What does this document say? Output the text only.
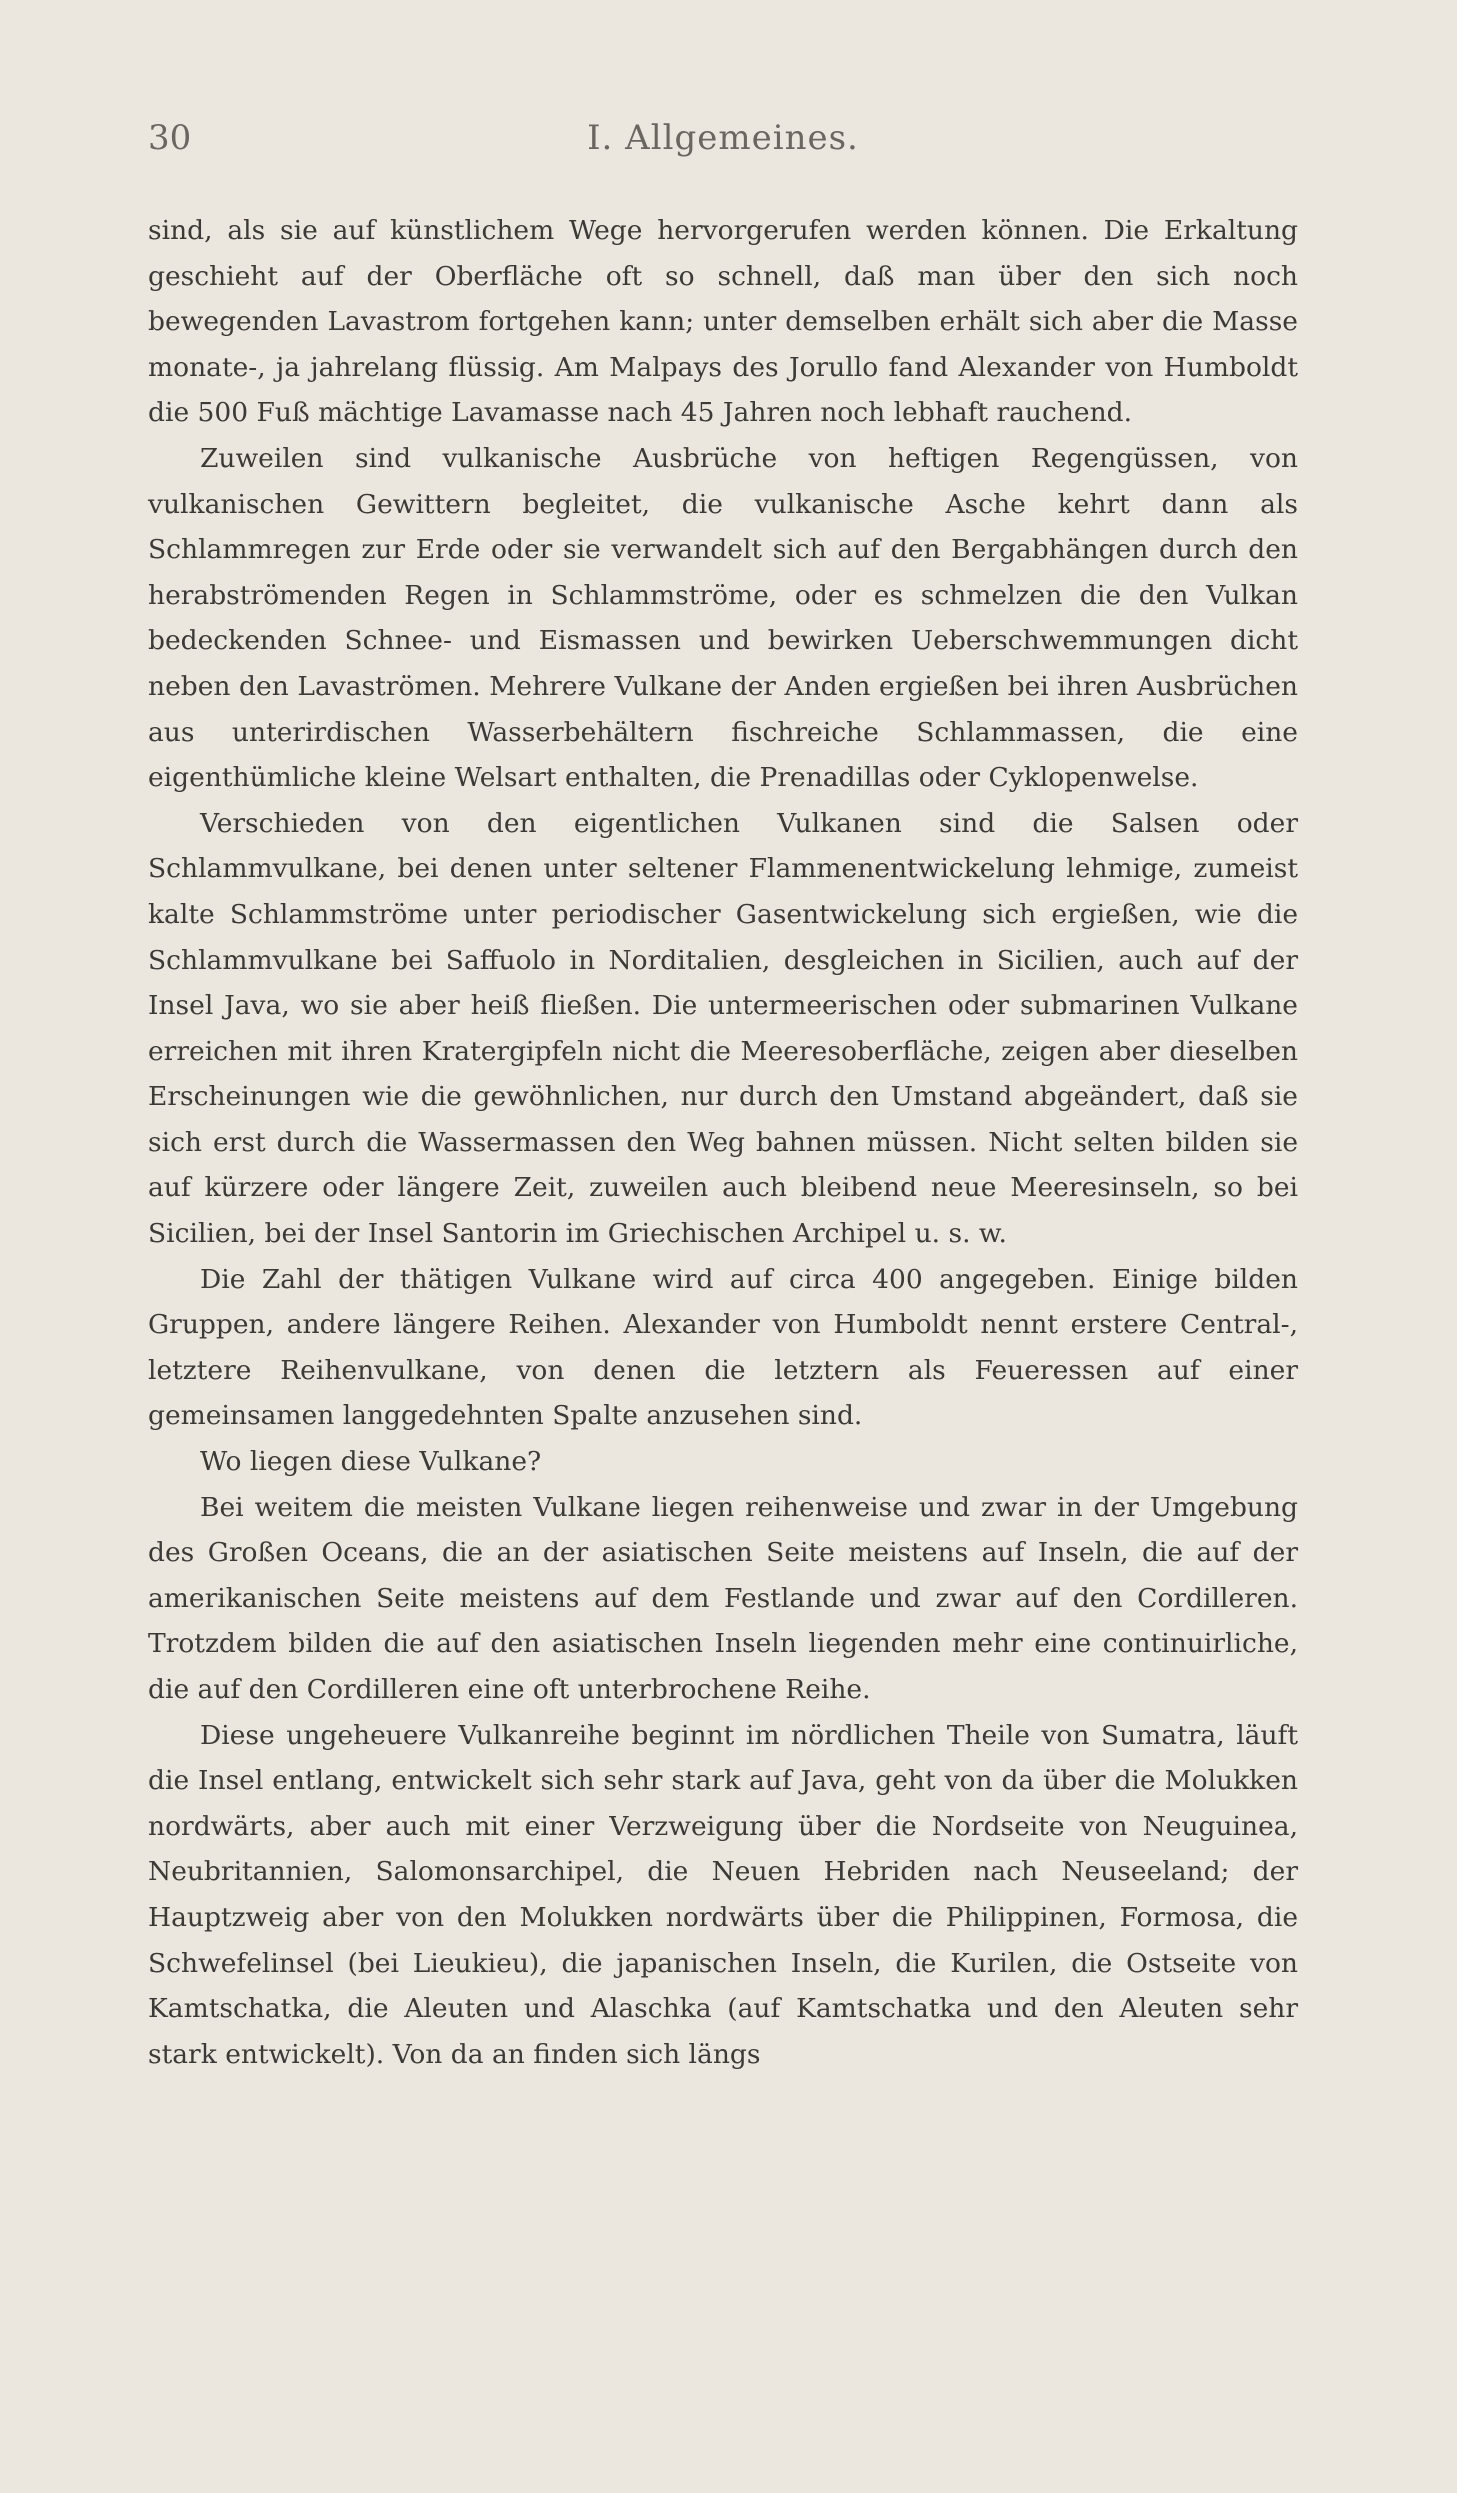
30	I. Allgemeines.

sind, als sie auf künstlichem Wege hervorgerufen werden können. Die Erkaltung geschieht auf der Oberfläche oft so schnell, daß man über den sich noch bewegenden Lavastrom fortgehen kann; unter demselben erhält sich aber die Masse monate-, ja jahrelang flüssig. Am Malpays des Jorullo fand Alexander von Humboldt die 500 Fuß mächtige Lavamasse nach 45 Jahren noch lebhaft rauchend.

Zuweilen sind vulkanische Ausbrüche von heftigen Regengüssen, von vulkanischen Gewittern begleitet, die vulkanische Asche kehrt dann als Schlammregen zur Erde oder sie verwandelt sich auf den Bergabhängen durch den herabströmenden Regen in Schlammströme, oder es schmelzen die den Vulkan bedeckenden Schnee- und Eismassen und bewirken Ueberschwemmungen dicht neben den Lavaströmen. Mehrere Vulkane der Anden ergießen bei ihren Ausbrüchen aus unterirdischen Wasserbehältern fischreiche Schlammassen, die eine eigenthümliche kleine Welsart enthalten, die Prenadillas oder Cyklopenwelse.

Verschieden von den eigentlichen Vulkanen sind die Salsen oder Schlammvulkane, bei denen unter seltener Flammenentwickelung lehmige, zumeist kalte Schlammströme unter periodischer Gasentwickelung sich ergießen, wie die Schlammvulkane bei Saffuolo in Norditalien, desgleichen in Sicilien, auch auf der Insel Java, wo sie aber heiß fließen. Die untermeerischen oder submarinen Vulkane erreichen mit ihren Kratergipfeln nicht die Meeresoberfläche, zeigen aber dieselben Erscheinungen wie die gewöhnlichen, nur durch den Umstand abgeändert, daß sie sich erst durch die Wassermassen den Weg bahnen müssen. Nicht selten bilden sie auf kürzere oder längere Zeit, zuweilen auch bleibend neue Meeresinseln, so bei Sicilien, bei der Insel Santorin im Griechischen Archipel u. s. w.

Die Zahl der thätigen Vulkane wird auf circa 400 angegeben. Einige bilden Gruppen, andere längere Reihen. Alexander von Humboldt nennt erstere Central-, letztere Reihenvulkane, von denen die letztern als Feueressen auf einer gemeinsamen langgedehnten Spalte anzusehen sind.

Wo liegen diese Vulkane?

Bei weitem die meisten Vulkane liegen reihenweise und zwar in der Umgebung des Großen Oceans, die an der asiatischen Seite meistens auf Inseln, die auf der amerikanischen Seite meistens auf dem Festlande und zwar auf den Cordilleren. Trotzdem bilden die auf den asiatischen Inseln liegenden mehr eine continuirliche, die auf den Cordilleren eine oft unterbrochene Reihe.

Diese ungeheuere Vulkanreihe beginnt im nördlichen Theile von Sumatra, läuft die Insel entlang, entwickelt sich sehr stark auf Java, geht von da über die Molukken nordwärts, aber auch mit einer Verzweigung über die Nordseite von Neuguinea, Neubritannien, Salomonsarchipel, die Neuen Hebriden nach Neuseeland; der Hauptzweig aber von den Molukken nordwärts über die Philippinen, Formosa, die Schwefelinsel (bei Lieukieu), die japanischen Inseln, die Kurilen, die Ostseite von Kamtschatka, die Aleuten und Alaschka (auf Kamtschatka und den Aleuten sehr stark entwickelt). Von da an finden sich längs
